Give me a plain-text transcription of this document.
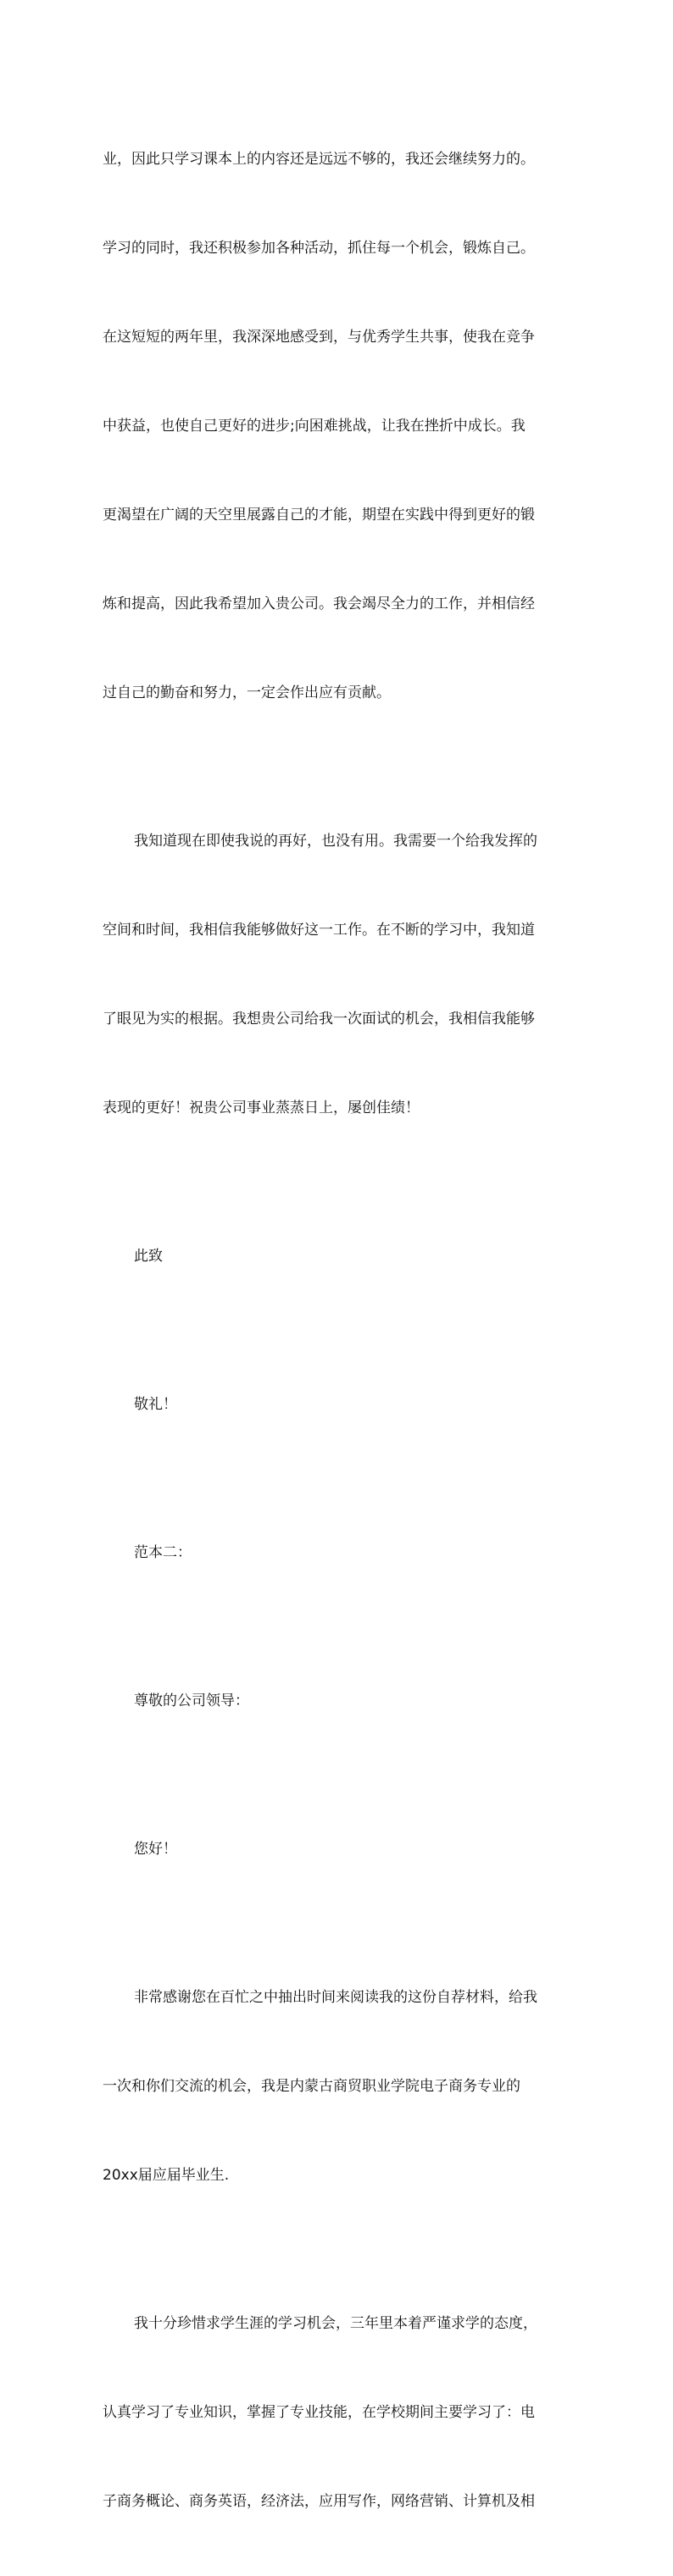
业，因此只学习课本上的内容还是远远不够的，我还会继续努力的。

学习的同时，我还积极参加各种活动，抓住每一个机会，锻炼自己。

在这短短的两年里，我深深地感受到，与优秀学生共事，使我在竞争

中获益，也使自己更好的进步;向困难挑战，让我在挫折中成长。我

更渴望在广阔的天空里展露自己的才能，期望在实践中得到更好的锻

炼和提高，因此我希望加入贵公司。我会竭尽全力的工作，并相信经

过自己的勤奋和努力，一定会作出应有贡献。

我知道现在即使我说的再好，也没有用。我需要一个给我发挥的

空间和时间，我相信我能够做好这一工作。在不断的学习中，我知道

了眼见为实的根据。我想贵公司给我一次面试的机会，我相信我能够

表现的更好！祝贵公司事业蒸蒸日上，屡创佳绩！

此致

敬礼！

范本二：

尊敬的公司领导：

您好！

非常感谢您在百忙之中抽出时间来阅读我的这份自荐材料，给我

一次和你们交流的机会，我是内蒙古商贸职业学院电子商务专业的

20xx届应届毕业生.

我十分珍惜求学生涯的学习机会，三年里本着严谨求学的态度，

认真学习了专业知识，掌握了专业技能，在学校期间主要学习了：电

子商务概论、商务英语，经济法，应用写作，网络营销、计算机及相
